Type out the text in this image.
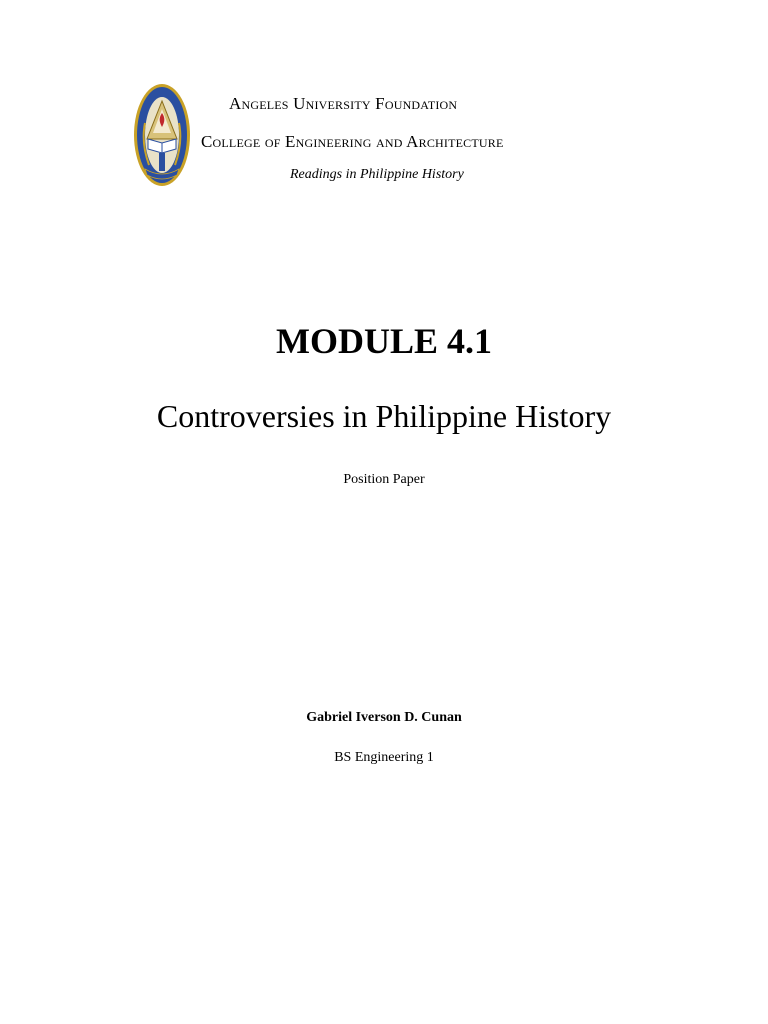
Angeles University Foundation
College of Engineering and Architecture
Readings in Philippine History
MODULE 4.1
Controversies in Philippine History
Position Paper
Gabriel Iverson D. Cunan
BS Engineering 1
